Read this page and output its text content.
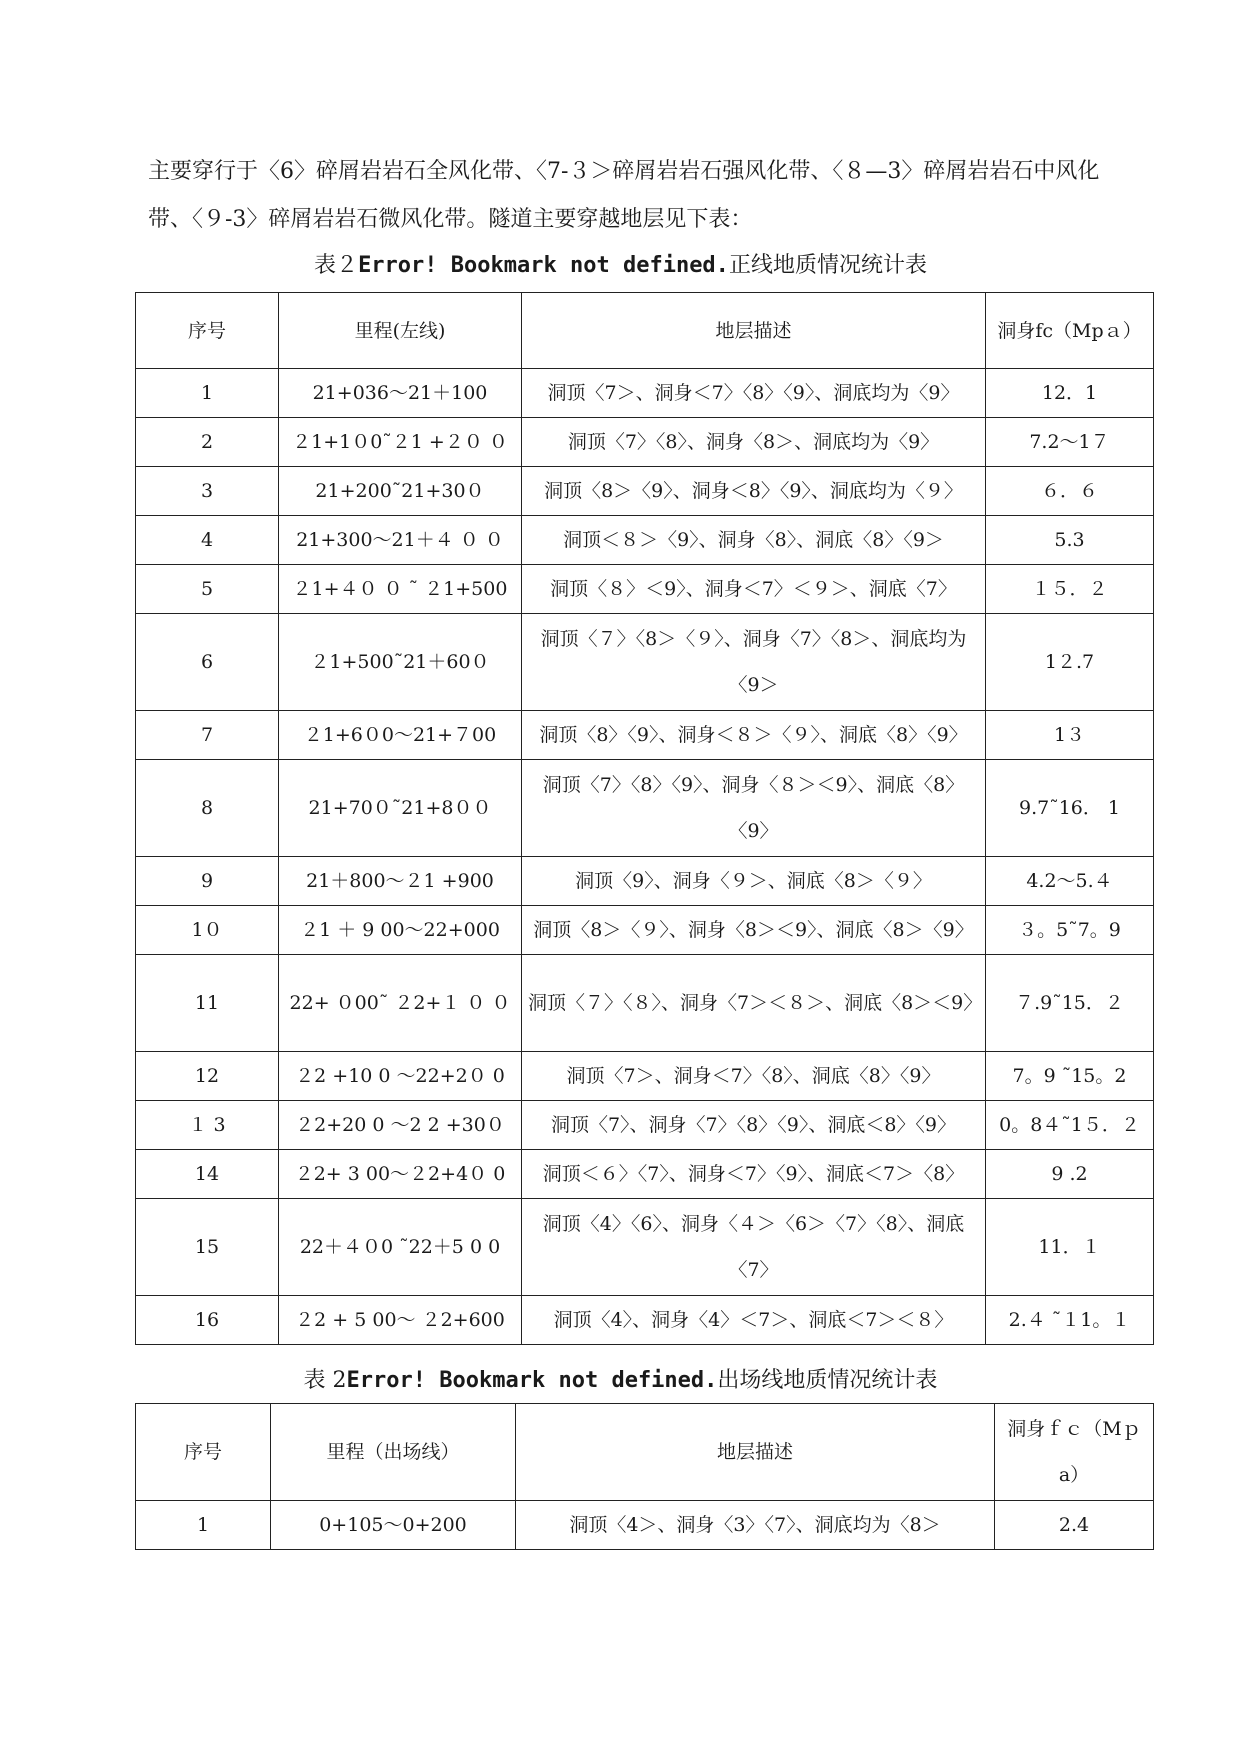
主要穿行于〈6〉碎屑岩岩石全风化带、〈7-３＞碎屑岩岩石强风化带、〈８—3〉碎屑岩岩石中风化带、〈９-3〉碎屑岩岩石微风化带。隧道主要穿越地层见下表：

表２Error! Bookmark not defined.正线地质情况统计表
序号	里程(左线)	地层描述	洞身fc（Mpａ）
1	21+036～21＋100	洞顶〈7＞、洞身＜7〉〈8〉〈9〉、洞底均为〈9〉	12．1
2	２1+1０0˜２1 +２０ ０	洞顶〈7〉〈8〉、洞身〈8＞、洞底均为〈9〉	7.2～1７
3	21+200˜21+30０	洞顶〈8＞〈9〉、洞身＜8〉〈9〉、洞底均为〈９〉	６．６
4	21+300～21＋４ ０ ０	洞顶＜８＞〈9〉、洞身〈8〉、洞底〈8〉〈9＞	5.3
5	２1+４０ ０ ˜ ２1+500	洞顶〈８〉＜9〉、洞身＜7〉＜９＞、洞底〈7〉	１５．２
6	２1+500˜21＋60０	洞顶〈７〉〈8＞〈９〉、洞身〈7〉〈8＞、洞底均为〈9＞	1２.7
7	２1+6０0～21+７00	洞顶〈8〉〈9〉、洞身＜８＞〈９〉、洞底〈8〉〈9〉	1３
8	21+70０˜21+8００	洞顶〈7〉〈8〉〈9〉、洞身〈８＞＜9〉、洞底〈8〉〈9〉	9.7˜16． 1
9	21＋800～２1 +900	洞顶〈9〉、洞身〈９＞、洞底〈8＞〈９〉	4.2～5.４
1０	２1 ＋ 9 00～22+000	洞顶〈8＞〈９〉、洞身〈8＞＜9〉、洞底〈8＞〈9〉	３。5˜7。9
11	22+ ０00˜ ２2+１ ０ ０	洞顶〈７〉〈８〉、洞身〈7＞＜８＞、洞底〈8＞＜9〉	７.9˜15．２
12	２2 +10 0 ～22+2０ 0	洞顶〈7＞、洞身＜7〉〈8〉、洞底〈8〉〈9〉	7。9 ˜15。2
１ 3	２2+20 0 ～2 2 +30０	洞顶〈7〉、洞身〈7〉〈8〉〈9〉、洞底＜8〉〈9〉	0。8４˜1５．２
14	２2+ 3 00～２2+4０ 0	洞顶＜６〉〈7〉、洞身＜7〉〈9〉、洞底＜7＞〈8〉	9 .2
15	22＋４０0 ˜22＋5 0 0	洞顶〈4〉〈6〉、洞身〈４＞〈6＞〈7〉〈8〉、洞底〈7〉	11．１
16	２2 + 5 00～ ２2+600	洞顶〈4〉、洞身〈4〉＜7＞、洞底＜7＞＜８〉	2.４ ˜１1。１
表 2Error! Bookmark not defined.出场线地质情况统计表
序号	里程（出场线）	地层描述	洞身ｆｃ（Mｐa）
1	0+105～0+200	洞顶〈4＞、洞身〈3〉〈7〉、洞底均为〈8＞	2.4
